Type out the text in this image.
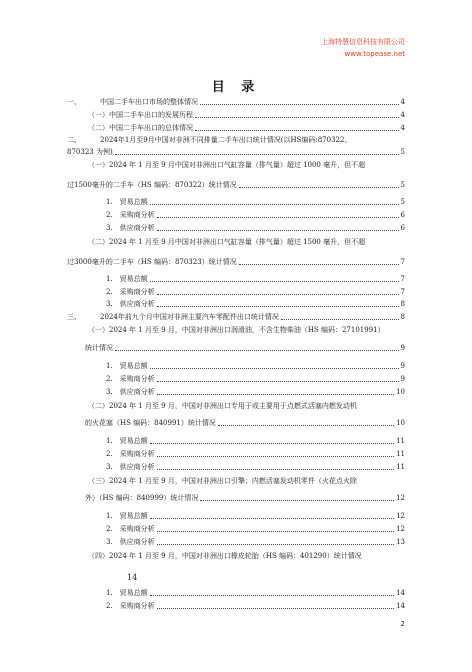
上海特慧信息科技有限公司
www.topease.net
目 录
一、	中国二手车出口市场的整体情况	4
（一）中国二手车出口的发展历程	4
（二）中国二手车出口的总体情况	4
二、	2024年1月至9月中国对非洲不同排量二手车出口统计情况(以HS编码:870322、
870323 为例)	5
（一）2024 年 1 月至 9 月中国对非洲出口气缸容量（排气量）超过 1000 毫升，但不超
过1500毫升的二手车（HS 编码：870322）统计情况	5
1.　贸易总额	5
2.　采购商分析	6
3.　供应商分析	6
（二）2024 年 1 月至 9 月中国对非洲出口气缸容量（排气量）超过 1500 毫升，但不超
过3000毫升的二手车（HS 编码：870323）统计情况	7
1.　贸易总额	7
2.　采购商分析	7
3.　供应商分析	8
三、	2024年前九个月中国对非洲主要汽车零配件出口统计情况	8
（一）2024 年 1 月至 9 月，中国对非洲出口润滑油，不含生物柴油（HS 编码：27101991）
统计情况	9
1.　贸易总额	9
2.　采购商分析	9
3.　供应商分析	10
（二）2024 年 1 月至 9 月，中国对非洲出口专用于或主要用于点燃式活塞内燃发动机
的火花塞（HS 编码：840991）统计情况	10
1.　贸易总额	11
2.　采购商分析	11
3.　供应商分析	11
（三）2024 年 1 月至 9 月，中国对非洲出口引擎；内燃活塞发动机零件（火花点火除
外）（HS 编码：840999）统计情况	12
1.　贸易总额	12
2.　采购商分析	12
3.　供应商分析	13
（四）2024 年 1 月至 9 月，中国对非洲出口橡皮轮胎（HS 编码：401290）统计情况
14
1.　贸易总额	14
2.　采购商分析	14
2
